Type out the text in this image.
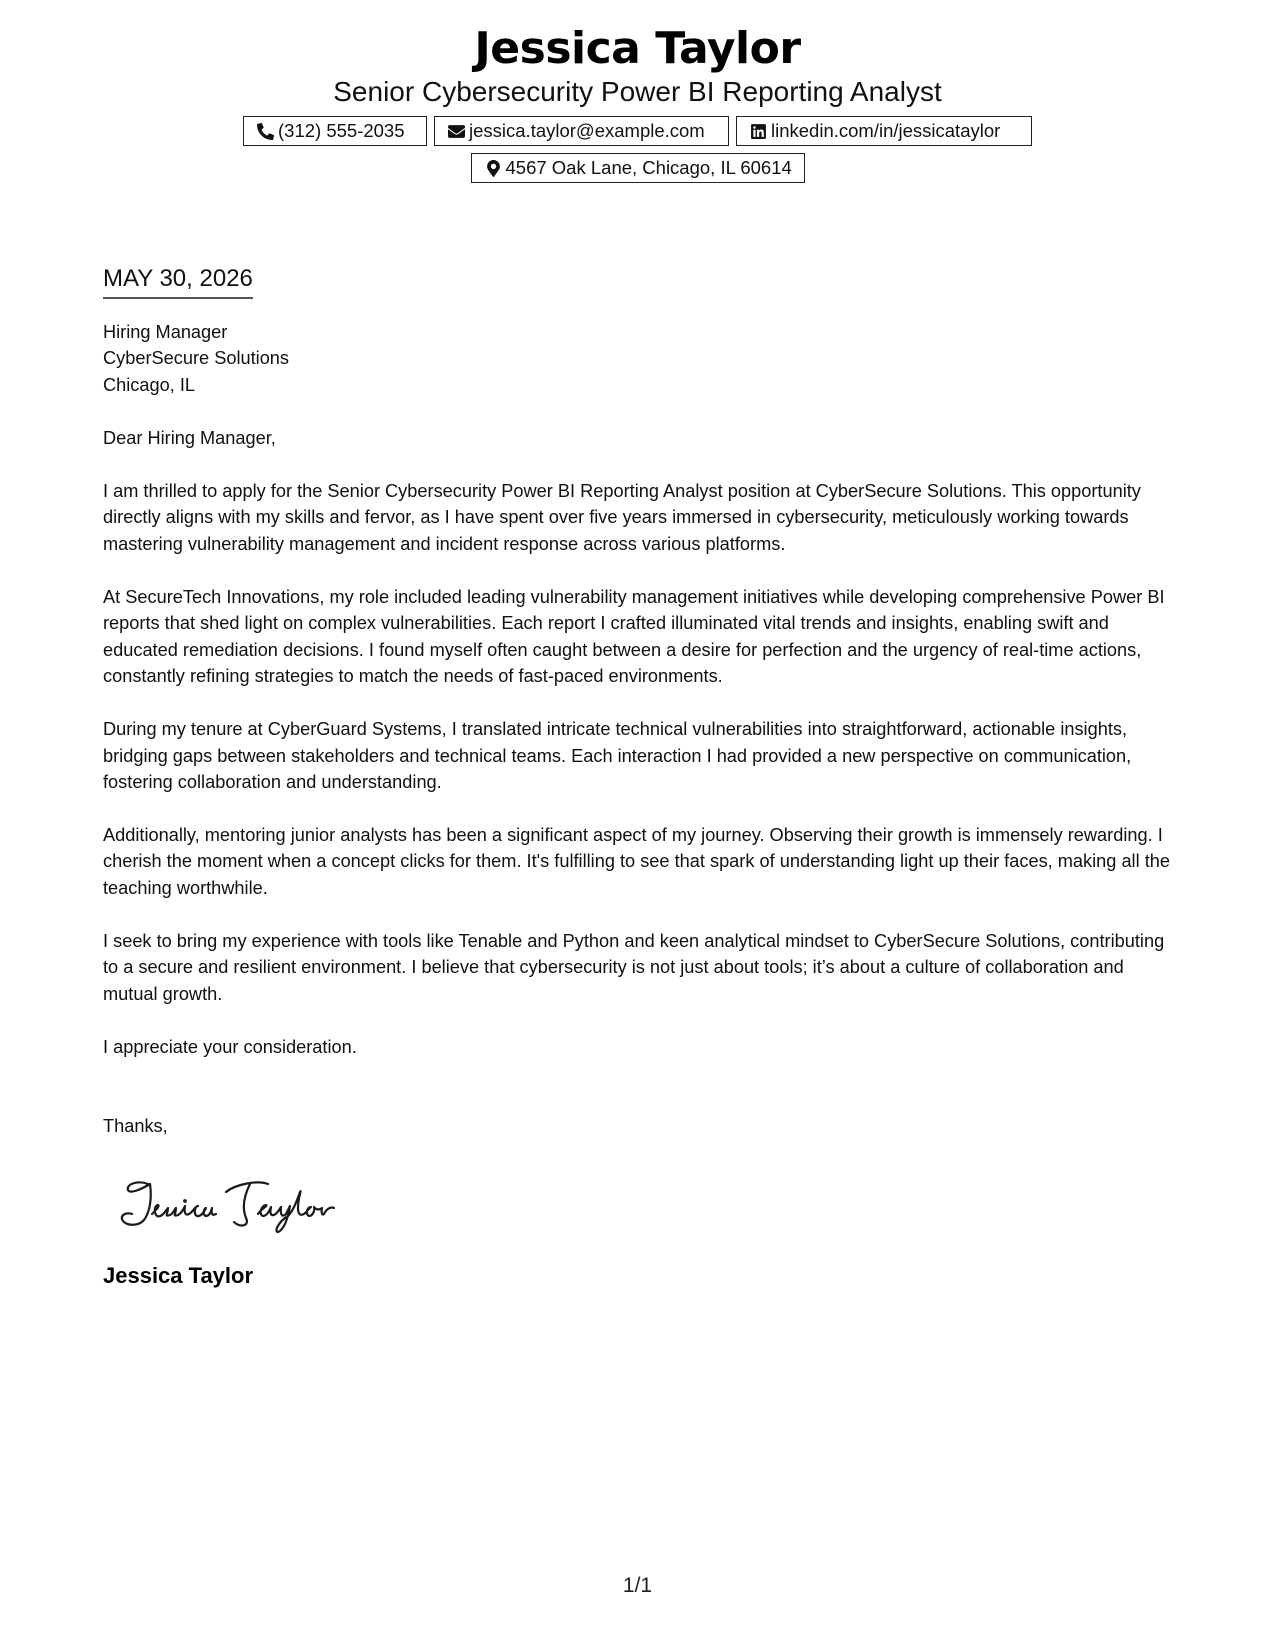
Jessica Taylor
Senior Cybersecurity Power BI Reporting Analyst
(312) 555-2035	jessica.taylor@example.com	linkedin.com/in/jessicataylor
4567 Oak Lane, Chicago, IL 60614
MAY 30, 2026
Hiring Manager
CyberSecure Solutions
Chicago, IL
Dear Hiring Manager,

I am thrilled to apply for the Senior Cybersecurity Power BI Reporting Analyst position at CyberSecure Solutions. This opportunity directly aligns with my skills and fervor, as I have spent over five years immersed in cybersecurity, meticulously working towards mastering vulnerability management and incident response across various platforms.

At SecureTech Innovations, my role included leading vulnerability management initiatives while developing comprehensive Power BI reports that shed light on complex vulnerabilities. Each report I crafted illuminated vital trends and insights, enabling swift and educated remediation decisions. I found myself often caught between a desire for perfection and the urgency of real-time actions, constantly refining strategies to match the needs of fast-paced environments.

During my tenure at CyberGuard Systems, I translated intricate technical vulnerabilities into straightforward, actionable insights, bridging gaps between stakeholders and technical teams. Each interaction I had provided a new perspective on communication, fostering collaboration and understanding.

Additionally, mentoring junior analysts has been a significant aspect of my journey. Observing their growth is immensely rewarding. I cherish the moment when a concept clicks for them. It's fulfilling to see that spark of understanding light up their faces, making all the teaching worthwhile.

I seek to bring my experience with tools like Tenable and Python and keen analytical mindset to CyberSecure Solutions, contributing to a secure and resilient environment. I believe that cybersecurity is not just about tools; it’s about a culture of collaboration and mutual growth.

I appreciate your consideration.
Thanks,
Jessica Taylor
1/1
